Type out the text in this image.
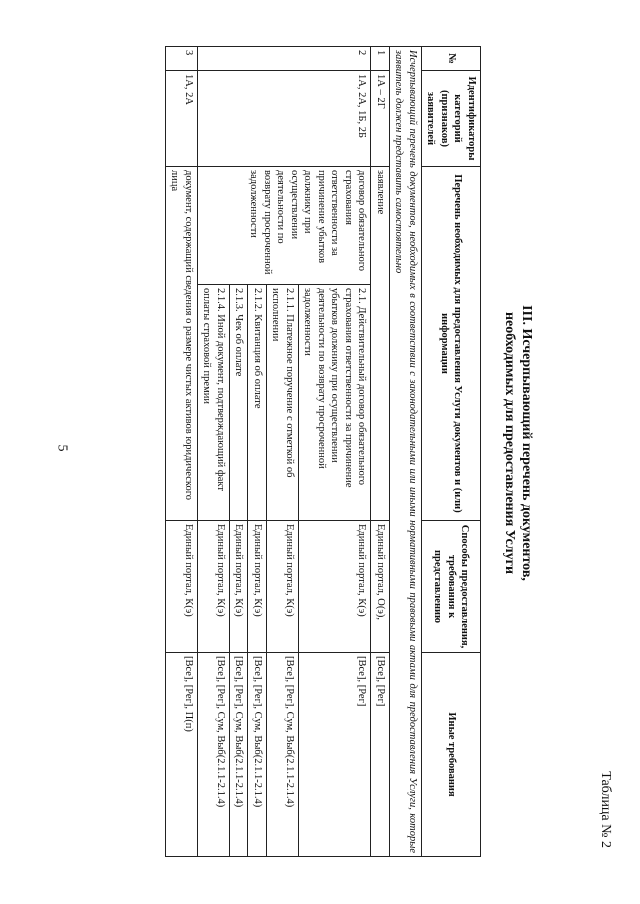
5
Таблица № 2
III. Исчерпывающий перечень документов,
необходимых для предоставления Услуги
№	Идентификаторы категорий (признаков) заявителей	Перечень необходимых для предоставления Услуги документов и (или) информации		Способы предоставления, требования к представлению	Иные требования
Исчерпывающий перечень документов, необходимых в соответствии с законодательными или иными нормативными правовыми актами для предоставления Услуги, которые заявитель должен представить самостоятельно					
1	1А – 2Г	заявление		Единый портал, О(э),	[Все], [Рег]
2	1А, 2А, 1Б, 2Б	договор обязательного страхования ответственности за причинение убытков должнику при осуществлении деятельности по возврату просроченной задолженности	2.1. Действительный договор обязательного страхования ответственности за причинение убытков должнику при осуществлении деятельности по возврату просроченной задолженности	Единый портал, К(э)	[Все], [Рег]
			2.1.1. Платежное поручение с отметкой об исполнении	Единый портал, К(э)	[Все], [Рег], Сум, Выб(2.1.1-2.1.4)
			2.1.2. Квитанция об оплате	Единый портал, К(э)	[Все], [Рег], Сум, Выб(2.1.1-2.1.4)
			2.1.3. Чек об оплате	Единый портал, К(э)	[Все], [Рег], Сум, Выб(2.1.1-2.1.4)
			2.1.4. Иной документ, подтверждающий факт оплаты страховой премии	Единый портал, К(э)	[Все], [Рег], Сум, Выб(2.1.1-2.1.4)
3	1А, 2А	документ, содержащий сведения о размере чистых активов юридического лица		Единый портал, К(э)	[Все], [Рег], П(п)
